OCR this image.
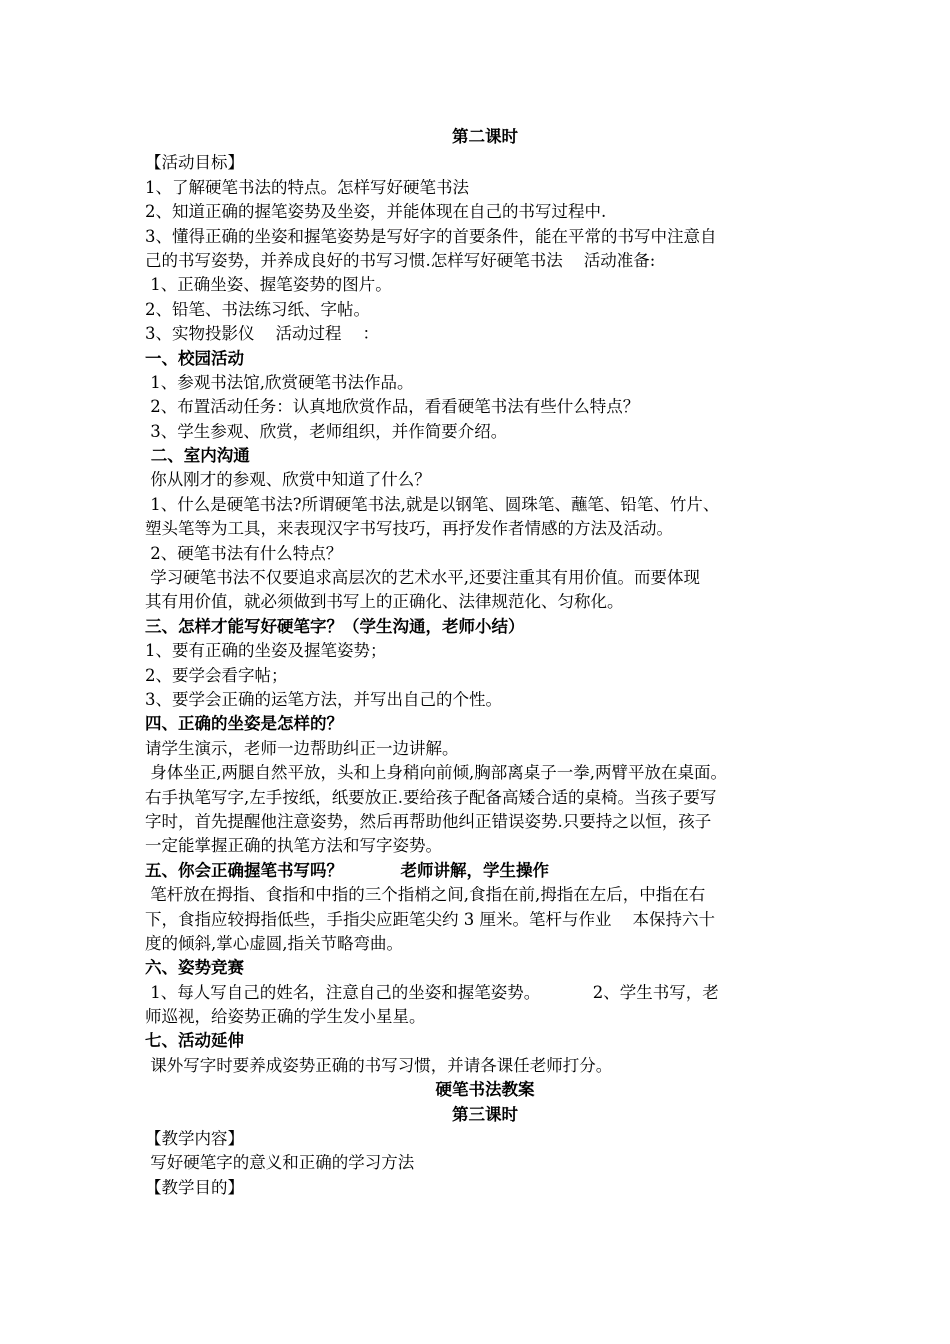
第二课时
【活动目标】
1、了解硬笔书法的特点。怎样写好硬笔书法
2、知道正确的握笔姿势及坐姿，并能体现在自己的书写过程中.
3、懂得正确的坐姿和握笔姿势是写好字的首要条件，能在平常的书写中注意自
己的书写姿势，并养成良好的书写习惯.怎样写好硬笔书法    活动准备:
1、正确坐姿、握笔姿势的图片。
2、铅笔、书法练习纸、字帖。
3、实物投影仪    活动过程    ：
一、校园活动
1、参观书法馆,欣赏硬笔书法作品。
2、布置活动任务：认真地欣赏作品，看看硬笔书法有些什么特点？
3、学生参观、欣赏，老师组织，并作简要介绍。
二、室内沟通
你从刚才的参观、欣赏中知道了什么？
1、什么是硬笔书法?所谓硬笔书法,就是以钢笔、圆珠笔、蘸笔、铅笔、竹片、
塑头笔等为工具，来表现汉字书写技巧，再抒发作者情感的方法及活动。
2、硬笔书法有什么特点？
学习硬笔书法不仅要追求高层次的艺术水平,还要注重其有用价值。而要体现
其有用价值，就必须做到书写上的正确化、法律规范化、匀称化。
三、怎样才能写好硬笔字？（学生沟通，老师小结）
1、要有正确的坐姿及握笔姿势；
2、要学会看字帖；
3、要学会正确的运笔方法，并写出自己的个性。
四、正确的坐姿是怎样的？
请学生演示，老师一边帮助纠正一边讲解。
身体坐正,两腿自然平放，头和上身稍向前倾,胸部离桌子一拳,两臂平放在桌面。
右手执笔写字,左手按纸，纸要放正.要给孩子配备高矮合适的桌椅。当孩子要写
字时，首先提醒他注意姿势，然后再帮助他纠正错误姿势.只要持之以恒，孩子
一定能掌握正确的执笔方法和写字姿势。
五、你会正确握笔书写吗？          老师讲解，学生操作
笔杆放在拇指、食指和中指的三个指梢之间,食指在前,拇指在左后，中指在右
下，食指应较拇指低些，手指尖应距笔尖约 3 厘米。笔杆与作业    本保持六十
度的倾斜,掌心虚圆,指关节略弯曲。
六、姿势竞赛
1、每人写自己的姓名，注意自己的坐姿和握笔姿势。          2、学生书写，老
师巡视，给姿势正确的学生发小星星。
七、活动延伸
课外写字时要养成姿势正确的书写习惯，并请各课任老师打分。
硬笔书法教案
第三课时
【教学内容】
写好硬笔字的意义和正确的学习方法
【教学目的】
